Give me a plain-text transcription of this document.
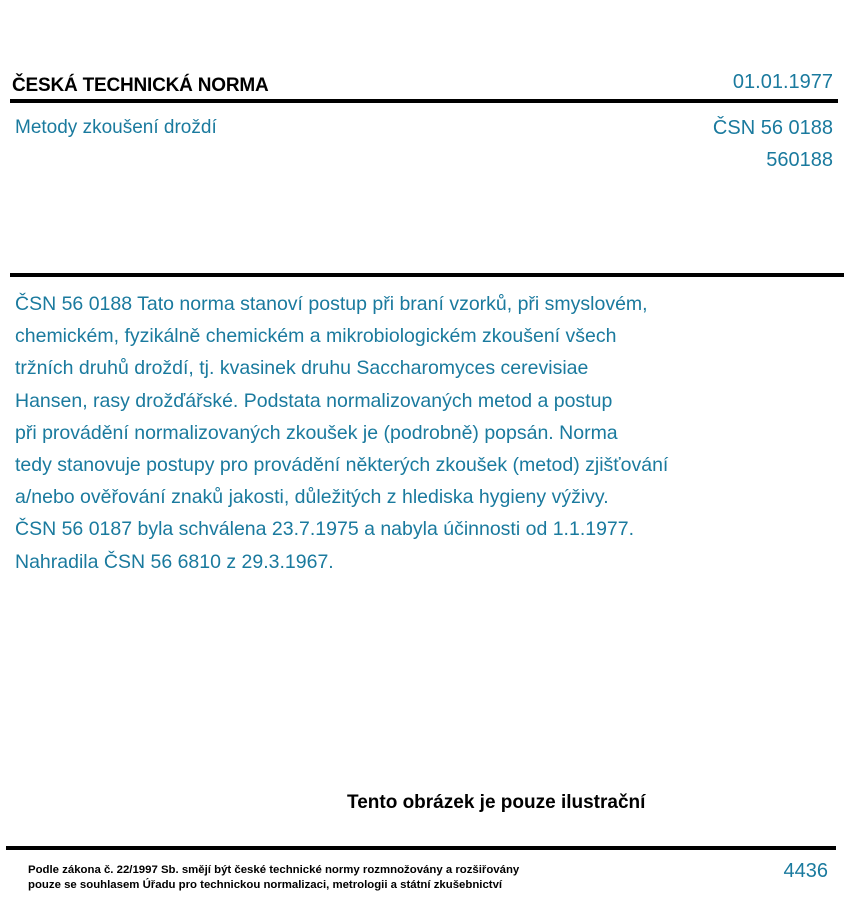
ČESKÁ TECHNICKÁ NORMA	01.01.1977
Metody zkoušení droždí	ČSN 56 0188
560188
ČSN 56 0188 Tato norma stanoví postup při braní vzorků, při smyslovém,
chemickém, fyzikálně chemickém a mikrobiologickém zkoušení všech
tržních druhů droždí, tj. kvasinek druhu Saccharomyces cerevisiae
Hansen, rasy drožďářské. Podstata normalizovaných metod a postup
při provádění normalizovaných zkoušek je (podrobně) popsán. Norma
tedy stanovuje postupy pro provádění některých zkoušek (metod) zjišťování
a/nebo ověřování znaků jakosti, důležitých z hlediska hygieny výživy.
ČSN 56 0187 byla schválena 23.7.1975 a nabyla účinnosti od 1.1.1977.
Nahradila ČSN 56 6810 z 29.3.1967.
Tento obrázek je pouze ilustrační
Podle zákona č. 22/1997 Sb. smějí být české technické normy rozmnožovány a rozšiřovány
pouze se souhlasem Úřadu pro technickou normalizaci, metrologii a státní zkušebnictví
4436
